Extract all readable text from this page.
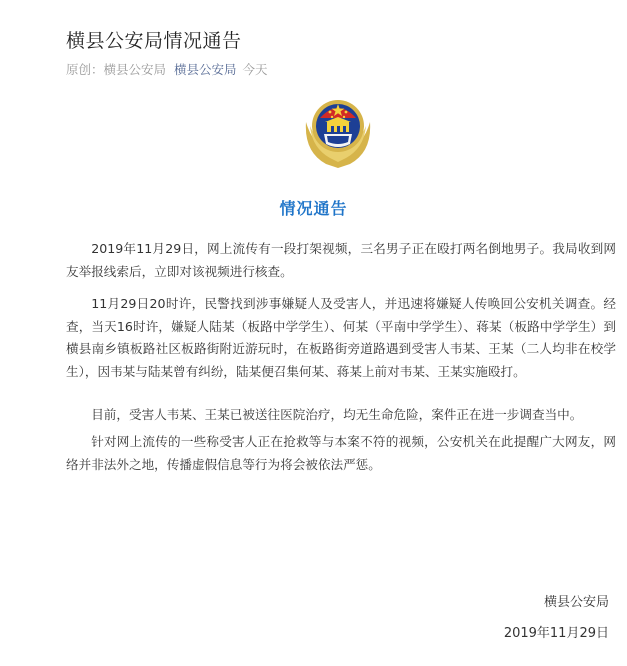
横县公安局情况通告
原创：横县公安局 横县公安局 今天
情况通告

2019年11月29日，网上流传有一段打架视频，三名男子正在殴打两名倒地男子。我局收到网友举报线索后，立即对该视频进行核查。

11月29日20时许，民警找到涉事嫌疑人及受害人，并迅速将嫌疑人传唤回公安机关调查。经查，当天16时许，嫌疑人陆某（板路中学学生）、何某（平南中学学生）、蒋某（板路中学学生）到横县南乡镇板路社区板路街附近游玩时，在板路街旁道路遇到受害人韦某、王某（二人均非在校学生），因韦某与陆某曾有纠纷，陆某便召集何某、蒋某上前对韦某、王某实施殴打。

目前，受害人韦某、王某已被送往医院治疗，均无生命危险，案件正在进一步调查当中。

针对网上流传的一些称受害人正在抢救等与本案不符的视频，公安机关在此提醒广大网友，网络并非法外之地，传播虚假信息等行为将会被依法严惩。

横县公安局
2019年11月29日
